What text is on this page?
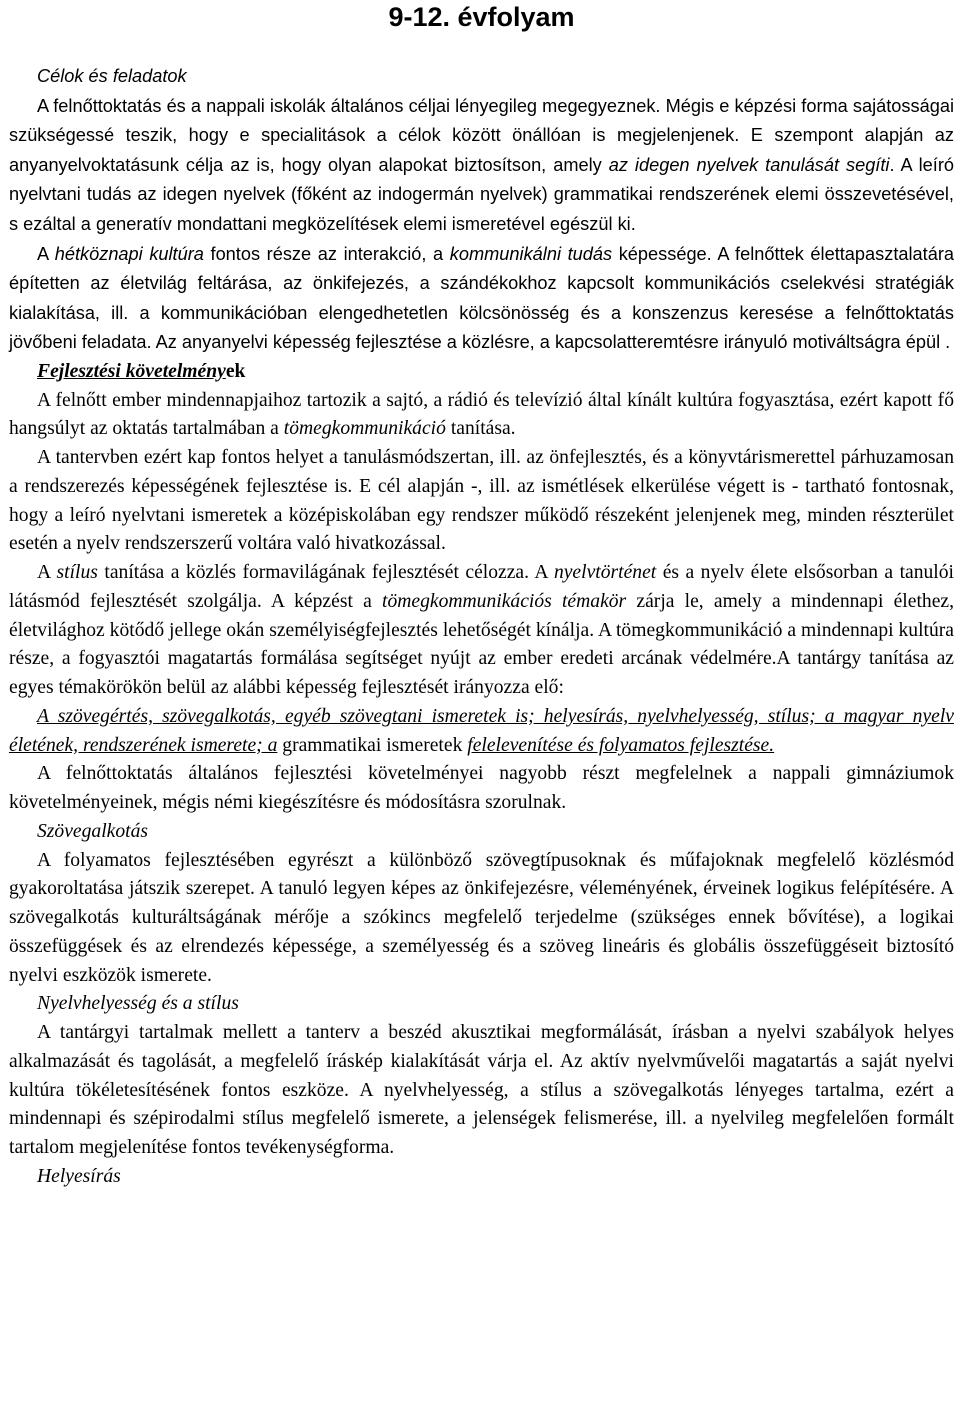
9-12. évfolyam

Célok és feladatok

A felnőttoktatás és a nappali iskolák általános céljai lényegileg megegyeznek. Mégis e képzési forma sajátosságai szükségessé teszik, hogy e specialitások a célok között önállóan is megjelenjenek. E szempont alapján az anyanyelvoktatásunk célja az is, hogy olyan alapokat biztosítson, amely az idegen nyelvek tanulását segíti. A leíró nyelvtani tudás az idegen nyelvek (főként az indogermán nyelvek) grammatikai rendszerének elemi összevetésével, s ezáltal a generatív mondattani megközelítések elemi ismeretével egészül ki.

A hétköznapi kultúra fontos része az interakció, a kommunikálni tudás képessége. A felnőttek élettapasztalatára építetten az életvilág feltárása, az önkifejezés, a szándékokhoz kapcsolt kommunikációs cselekvési stratégiák kialakítása, ill. a kommunikációban elengedhetetlen kölcsönösség és a konszenzus keresése a felnőttoktatás jövőbeni feladata. Az anyanyelvi képesség fejlesztése a közlésre, a kapcsolatteremtésre irányuló motiváltságra épül .

Fejlesztési követelmények

A felnőtt ember mindennapjaihoz tartozik a sajtó, a rádió és televízió által kínált kultúra fogyasztása, ezért kapott fő hangsúlyt az oktatás tartalmában a tömegkommunikáció tanítása.

A tantervben ezért kap fontos helyet a tanulásmódszertan, ill. az önfejlesztés, és a könyvtárismerettel párhuzamosan a rendszerezés képességének fejlesztése is. E cél alapján -, ill. az ismétlések elkerülése végett is - tartható fontosnak, hogy a leíró nyelvtani ismeretek a középiskolában egy rendszer működő részeként jelenjenek meg, minden részterület esetén a nyelv rendszerszerű voltára való hivatkozással.

A stílus tanítása a közlés formavilágának fejlesztését célozza. A nyelvtörténet és a nyelv élete elsősorban a tanulói látásmód fejlesztését szolgálja. A képzést a tömegkommunikációs témakör zárja le, amely a mindennapi élethez, életvilághoz kötődő jellege okán személyiségfejlesztés lehetőségét kínálja. A tömegkommunikáció a mindennapi kultúra része, a fogyasztói magatartás formálása segítséget nyújt az ember eredeti arcának védelmére.A tantárgy tanítása az egyes témakörökön belül az alábbi képesség fejlesztését irányozza elő:

A szövegértés, szövegalkotás, egyéb szövegtani ismeretek is; helyesírás, nyelvhelyesség, stílus; a magyar nyelv életének, rendszerének ismerete; a grammatikai ismeretek felelevenítése és folyamatos fejlesztése.

A felnőttoktatás általános fejlesztési követelményei nagyobb részt megfelelnek a nappali gimnáziumok követelményeinek, mégis némi kiegészítésre és módosításra szorulnak.

Szövegalkotás

A folyamatos fejlesztésében egyrészt a különböző szövegtípusoknak és műfajoknak megfelelő közlésmód gyakoroltatása játszik szerepet. A tanuló legyen képes az önkifejezésre, véleményének, érveinek logikus felépítésére. A szövegalkotás kulturáltságának mérője a szókincs megfelelő terjedelme (szükséges ennek bővítése), a logikai összefüggések és az elrendezés képessége, a személyesség és a szöveg lineáris és globális összefüggéseit biztosító nyelvi eszközök ismerete.

Nyelvhelyesség és a stílus

A tantárgyi tartalmak mellett a tanterv a beszéd akusztikai megformálását, írásban a nyelvi szabályok helyes alkalmazását és tagolását, a megfelelő íráskép kialakítását várja el. Az aktív nyelvművelői magatartás a saját nyelvi kultúra tökéletesítésének fontos eszköze. A nyelvhelyesség, a stílus a szövegalkotás lényeges tartalma, ezért a mindennapi és szépirodalmi stílus megfelelő ismerete, a jelenségek felismerése, ill. a nyelvileg megfelelően formált tartalom megjelenítése fontos tevékenységforma.

Helyesírás
